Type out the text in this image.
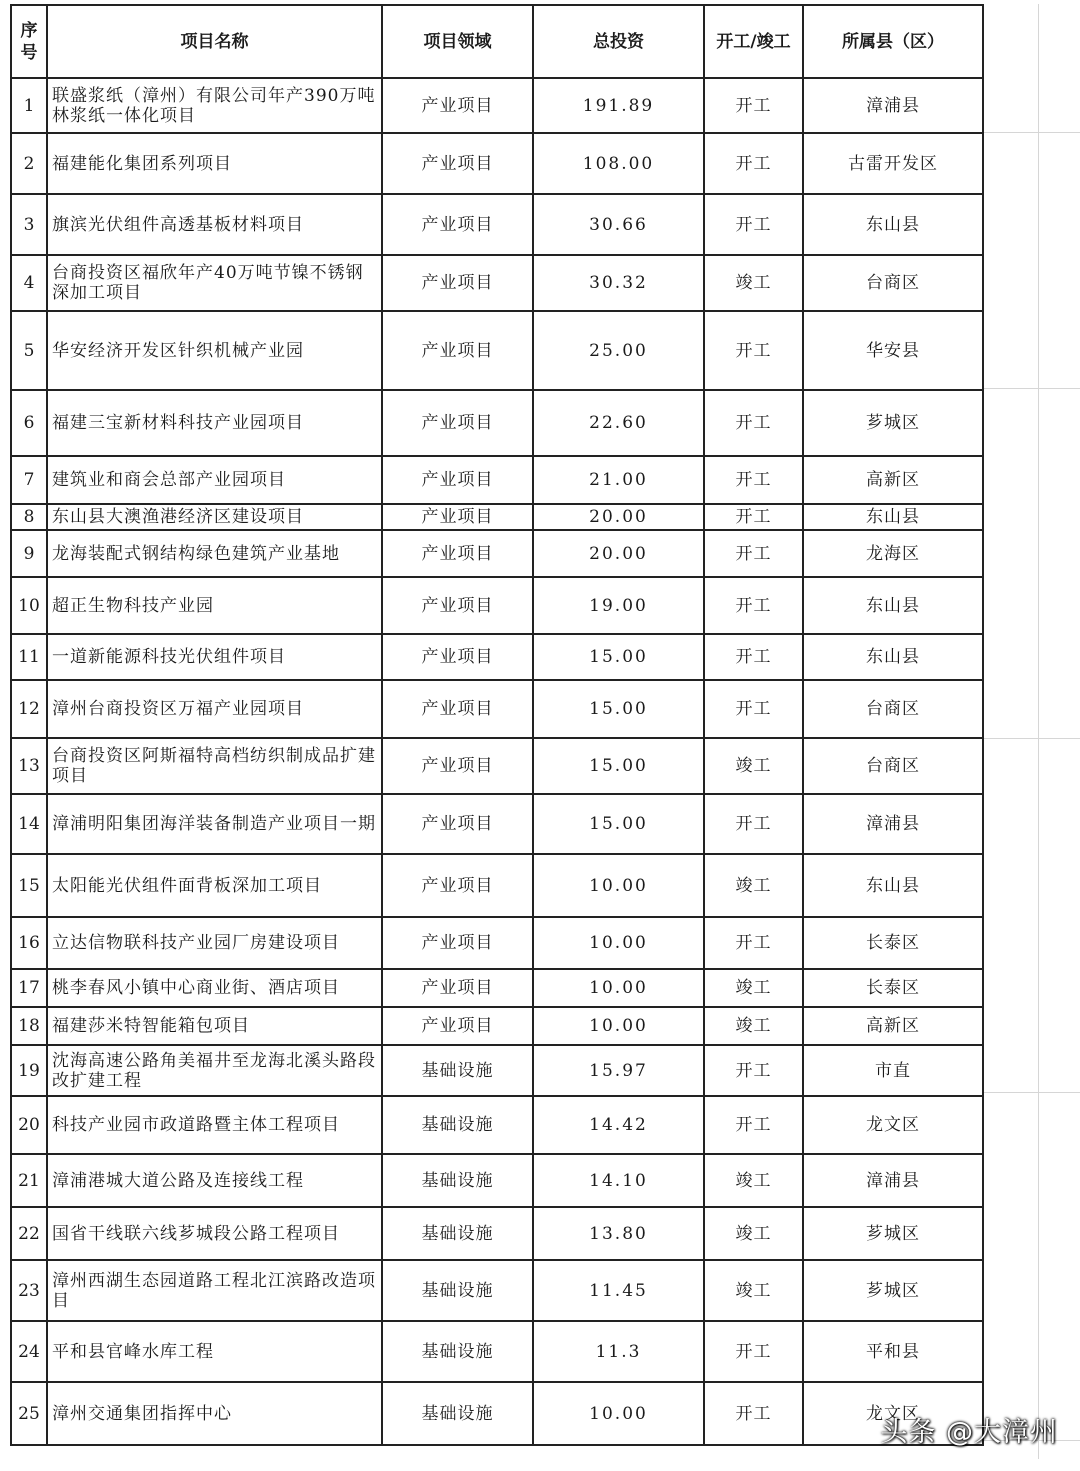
序号	项目名称	项目领域	总投资	开工/竣工	所属县（区）
1	联盛浆纸（漳州）有限公司年产390万吨林浆纸一体化项目	产业项目	191.89	开工	漳浦县
2	福建能化集团系列项目	产业项目	108.00	开工	古雷开发区
3	旗滨光伏组件高透基板材料项目	产业项目	30.66	开工	东山县
4	台商投资区福欣年产40万吨节镍不锈钢深加工项目	产业项目	30.32	竣工	台商区
5	华安经济开发区针织机械产业园	产业项目	25.00	开工	华安县
6	福建三宝新材料科技产业园项目	产业项目	22.60	开工	芗城区
7	建筑业和商会总部产业园项目	产业项目	21.00	开工	高新区
8	东山县大澳渔港经济区建设项目	产业项目	20.00	开工	东山县
9	龙海装配式钢结构绿色建筑产业基地	产业项目	20.00	开工	龙海区
10	超正生物科技产业园	产业项目	19.00	开工	东山县
11	一道新能源科技光伏组件项目	产业项目	15.00	开工	东山县
12	漳州台商投资区万福产业园项目	产业项目	15.00	开工	台商区
13	台商投资区阿斯福特高档纺织制成品扩建项目	产业项目	15.00	竣工	台商区
14	漳浦明阳集团海洋装备制造产业项目一期	产业项目	15.00	开工	漳浦县
15	太阳能光伏组件面背板深加工项目	产业项目	10.00	竣工	东山县
16	立达信物联科技产业园厂房建设项目	产业项目	10.00	开工	长泰区
17	桃李春风小镇中心商业街、酒店项目	产业项目	10.00	竣工	长泰区
18	福建莎米特智能箱包项目	产业项目	10.00	竣工	高新区
19	沈海高速公路角美福井至龙海北溪头路段改扩建工程	基础设施	15.97	开工	市直
20	科技产业园市政道路暨主体工程项目	基础设施	14.42	开工	龙文区
21	漳浦港城大道公路及连接线工程	基础设施	14.10	竣工	漳浦县
22	国省干线联六线芗城段公路工程项目	基础设施	13.80	竣工	芗城区
23	漳州西湖生态园道路工程北江滨路改造项目	基础设施	11.45	竣工	芗城区
24	平和县官峰水库工程	基础设施	11.3	开工	平和县
25	漳州交通集团指挥中心	基础设施	10.00	开工	龙文区
头条 @大漳州
